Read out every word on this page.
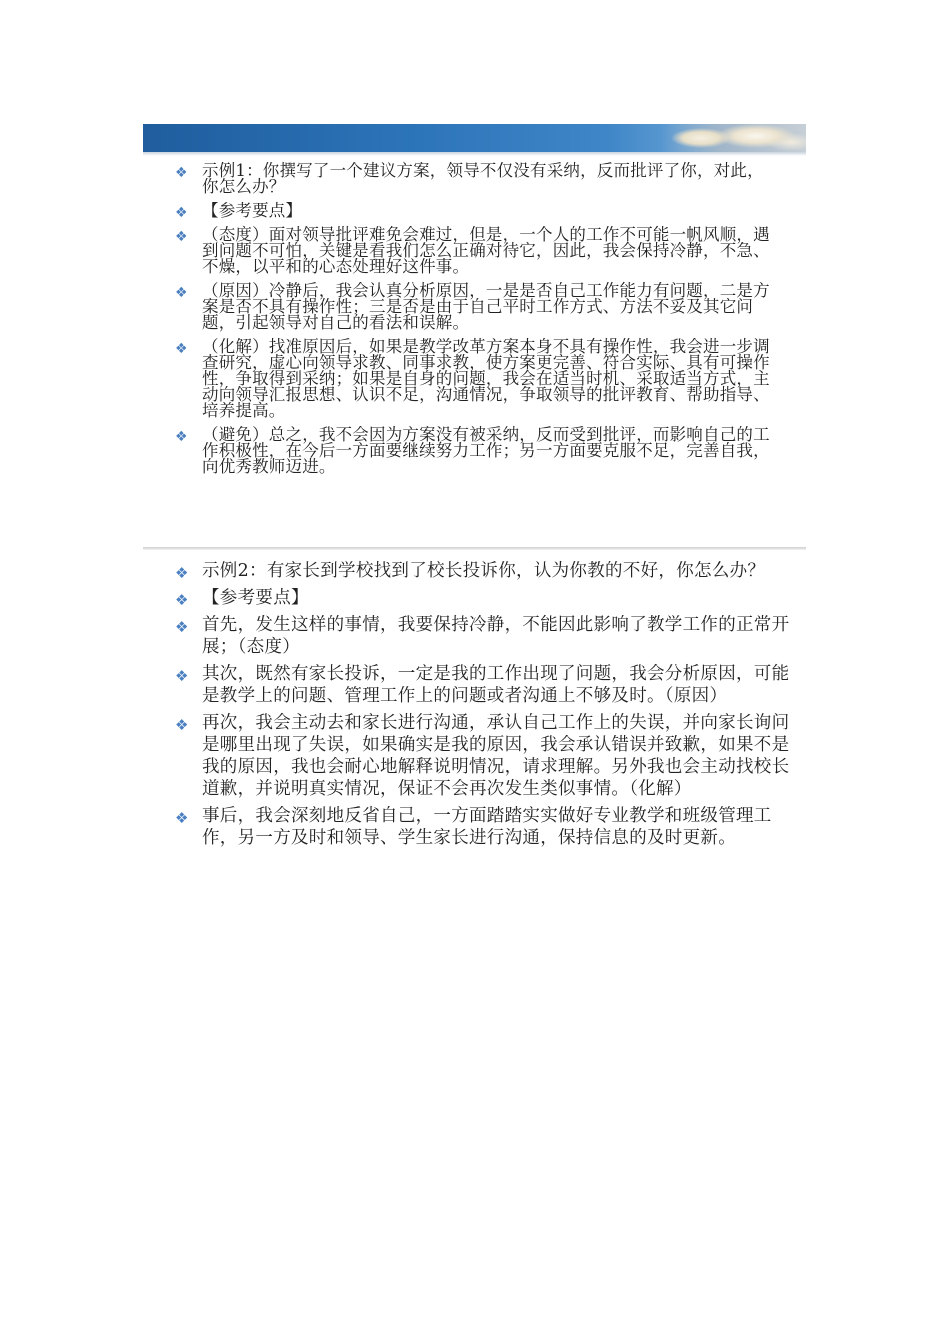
❖ 示例1：你撰写了一个建议方案，领导不仅没有采纳，反而批评了你，对此，你怎么办？
❖ 【参考要点】
❖ （态度）面对领导批评难免会难过，但是，一个人的工作不可能一帆风顺，遇到问题不可怕，关键是看我们怎么正确对待它，因此，我会保持冷静，不急、不燥，以平和的心态处理好这件事。
❖ （原因）冷静后，我会认真分析原因，一是是否自己工作能力有问题，二是方案是否不具有操作性；三是否是由于自己平时工作方式、方法不妥及其它问题，引起领导对自己的看法和误解。
❖ （化解）找准原因后，如果是教学改革方案本身不具有操作性，我会进一步调查研究，虚心向领导求教、同事求教，使方案更完善、符合实际、具有可操作性，争取得到采纳；如果是自身的问题，我会在适当时机、采取适当方式，主动向领导汇报思想、认识不足，沟通情况，争取领导的批评教育、帮助指导、培养提高。
❖ （避免）总之，我不会因为方案没有被采纳，反而受到批评，而影响自己的工作积极性，在今后一方面要继续努力工作；另一方面要克服不足，完善自我，向优秀教师迈进。
❖ 示例2：有家长到学校找到了校长投诉你，认为你教的不好，你怎么办？
❖ 【参考要点】
❖ 首先，发生这样的事情，我要保持冷静，不能因此影响了教学工作的正常开展；（态度）
❖ 其次，既然有家长投诉，一定是我的工作出现了问题，我会分析原因，可能是教学上的问题、管理工作上的问题或者沟通上不够及时。（原因）
❖ 再次，我会主动去和家长进行沟通，承认自己工作上的失误，并向家长询问是哪里出现了失误，如果确实是我的原因，我会承认错误并致歉，如果不是我的原因，我也会耐心地解释说明情况，请求理解。另外我也会主动找校长道歉，并说明真实情况，保证不会再次发生类似事情。（化解）
❖ 事后，我会深刻地反省自己，一方面踏踏实实做好专业教学和班级管理工作，另一方及时和领导、学生家长进行沟通，保持信息的及时更新。
